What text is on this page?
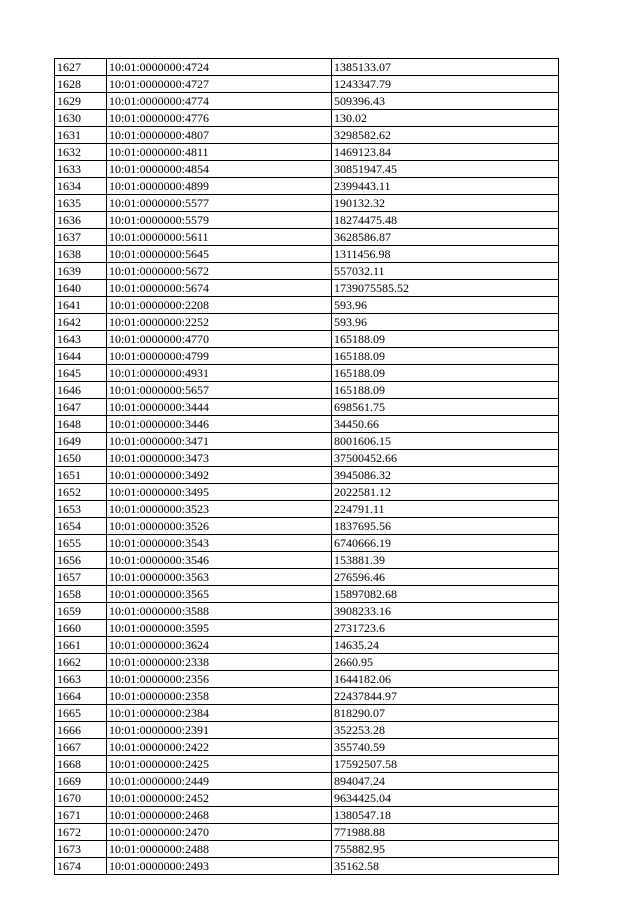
1627	10:01:0000000:4724	1385133.07
1628	10:01:0000000:4727	1243347.79
1629	10:01:0000000:4774	509396.43
1630	10:01:0000000:4776	130.02
1631	10:01:0000000:4807	3298582.62
1632	10:01:0000000:4811	1469123.84
1633	10:01:0000000:4854	30851947.45
1634	10:01:0000000:4899	2399443.11
1635	10:01:0000000:5577	190132.32
1636	10:01:0000000:5579	18274475.48
1637	10:01:0000000:5611	3628586.87
1638	10:01:0000000:5645	1311456.98
1639	10:01:0000000:5672	557032.11
1640	10:01:0000000:5674	1739075585.52
1641	10:01:0000000:2208	593.96
1642	10:01:0000000:2252	593.96
1643	10:01:0000000:4770	165188.09
1644	10:01:0000000:4799	165188.09
1645	10:01:0000000:4931	165188.09
1646	10:01:0000000:5657	165188.09
1647	10:01:0000000:3444	698561.75
1648	10:01:0000000:3446	34450.66
1649	10:01:0000000:3471	8001606.15
1650	10:01:0000000:3473	37500452.66
1651	10:01:0000000:3492	3945086.32
1652	10:01:0000000:3495	2022581.12
1653	10:01:0000000:3523	224791.11
1654	10:01:0000000:3526	1837695.56
1655	10:01:0000000:3543	6740666.19
1656	10:01:0000000:3546	153881.39
1657	10:01:0000000:3563	276596.46
1658	10:01:0000000:3565	15897082.68
1659	10:01:0000000:3588	3908233.16
1660	10:01:0000000:3595	2731723.6
1661	10:01:0000000:3624	14635.24
1662	10:01:0000000:2338	2660.95
1663	10:01:0000000:2356	1644182.06
1664	10:01:0000000:2358	22437844.97
1665	10:01:0000000:2384	818290.07
1666	10:01:0000000:2391	352253.28
1667	10:01:0000000:2422	355740.59
1668	10:01:0000000:2425	17592507.58
1669	10:01:0000000:2449	894047.24
1670	10:01:0000000:2452	9634425.04
1671	10:01:0000000:2468	1380547.18
1672	10:01:0000000:2470	771988.88
1673	10:01:0000000:2488	755882.95
1674	10:01:0000000:2493	35162.58
